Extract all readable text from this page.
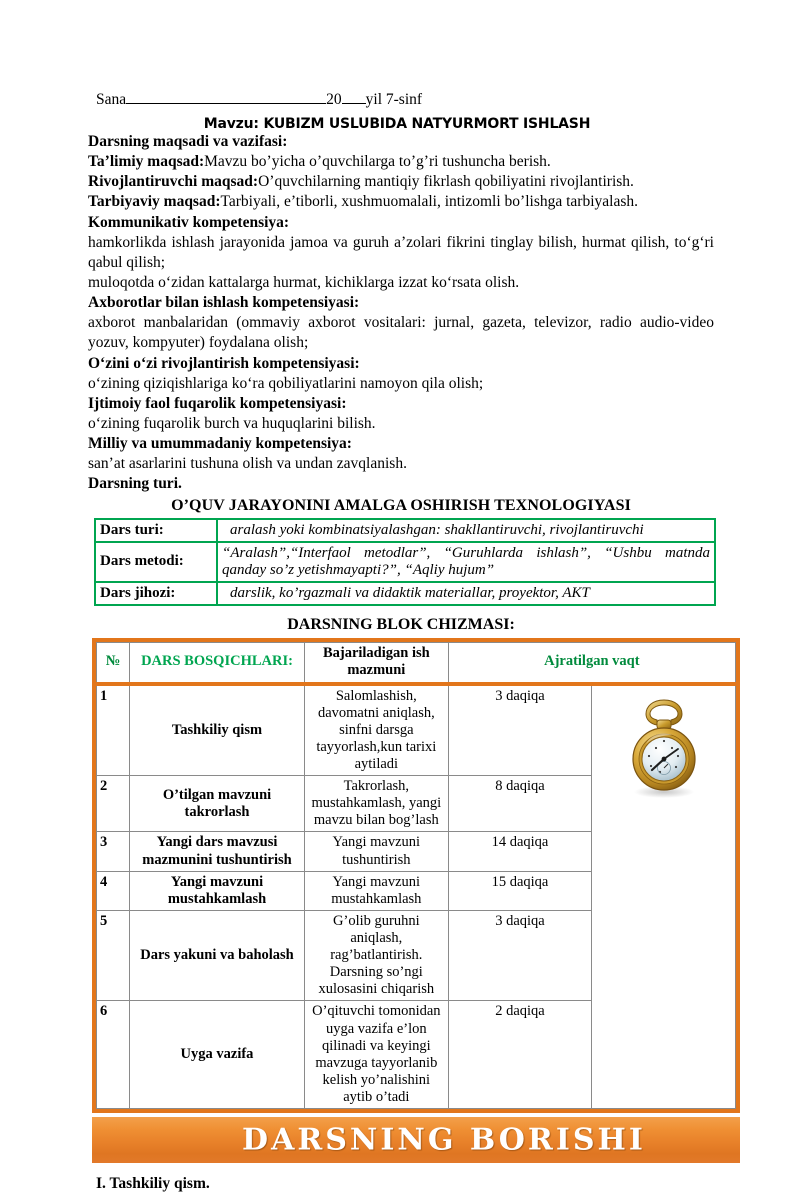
Sana	20 yil 7-sinf
Mavzu: KUBIZM USLUBIDA NATYURMORT ISHLASH

Darsning maqsadi va vazifasi:

Ta’limiy maqsad:Mavzu bo’yicha o’quvchilarga to’g’ri tushuncha berish.

Rivojlantiruvchi maqsad:O’quvchilarning mantiqiy fikrlash qobiliyatini rivojlantirish.

Tarbiyaviy maqsad:Tarbiyali, e’tiborli, xushmuomalali, intizomli bo’lishga tarbiyalash.

Kommunikativ kompetensiya:

hamkorlikda ishlash jarayonida jamoa va guruh a’zolari fikrini tinglay bilish, hurmat qilish, to‘g‘ri qabul qilish;

muloqotda o‘zidan kattalarga hurmat, kichiklarga izzat ko‘rsata olish.

Axborotlar bilan ishlash kompetensiyasi:

axborot manbalaridan (ommaviy axborot vositalari: jurnal, gazeta, televizor, radio audio-video yozuv, kompyuter) foydalana olish;

O‘zini o‘zi rivojlantirish kompetensiyasi:

o‘zining qiziqishlariga ko‘ra qobiliyatlarini namoyon qila olish;

Ijtimoiy faol fuqarolik kompetensiyasi:

o‘zining fuqarolik burch va huquqlarini bilish.

Milliy va umummadaniy kompetensiya:

san’at asarlarini tushuna olish va undan zavqlanish.

Darsning turi.

O’QUV JARAYONINI AMALGA OSHIRISH TEXNOLOGIYASI
Dars turi:	aralash yoki kombinatsiyalashgan: shakllantiruvchi, rivojlantiruvchi
Dars metodi:	“Aralash”,“Interfaol metodlar”, “Guruhlarda ishlash”, “Ushbu matnda qanday so’z yetishmayapti?”, “Aqliy hujum”
Dars jihozi:	darslik, ko’rgazmali va didaktik materiallar, proyektor, AKT
DARSNING BLOK CHIZMASI:
№	DARS BOSQICHLARI:	Bajariladigan ish mazmuni	Ajratilgan vaqt	
1	Tashkiliy qism	Salomlashish, davomatni aniqlash, sinfni darsga tayyorlash,kun tarixi aytiladi	3 daqiqa	

2	O’tilgan mavzuni takrorlash	Takrorlash, mustahkamlash, yangi mavzu bilan bog’lash	8 daqiqa	
3	Yangi dars mavzusi mazmunini tushuntirish	Yangi mavzuni tushuntirish	14 daqiqa	
4	Yangi mavzuni mustahkamlash	Yangi mavzuni mustahkamlash	15 daqiqa	
5	Dars yakuni va baholash	G’olib guruhni aniqlash, rag’batlantirish. Darsning so’ngi xulosasini chiqarish	3 daqiqa	
6	Uyga vazifa	O’qituvchi tomonidan uyga vazifa e’lon qilinadi va keyingi mavzuga tayyorlanib kelish yo’nalishini aytib o’tadi	2 daqiqa	
DARSNING BORISHI
I. Tashkiliy qism.
